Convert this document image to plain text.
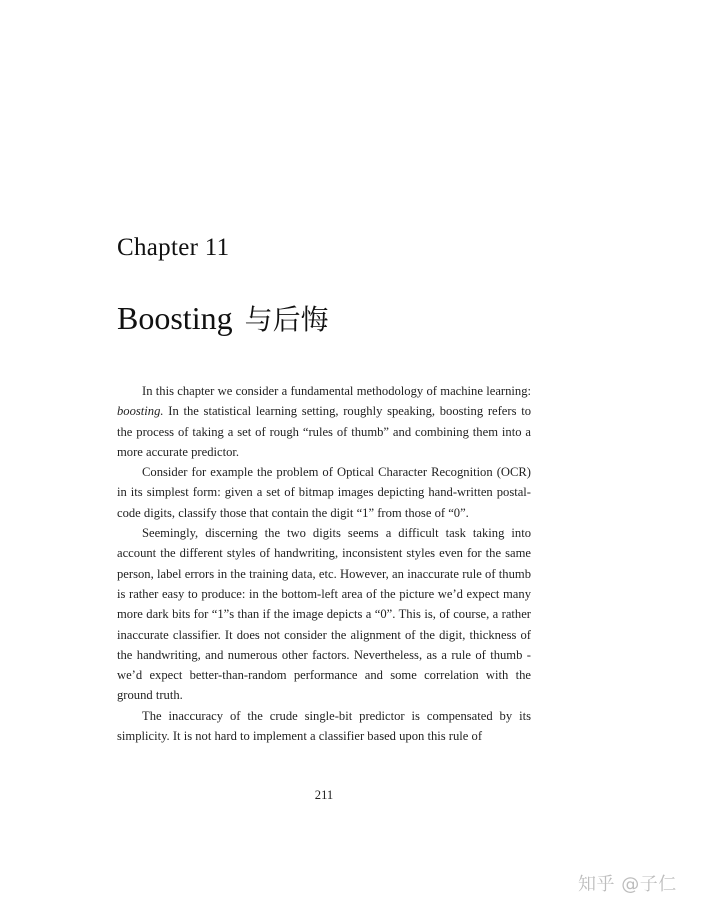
Chapter 11
Boosting 与后悔

In this chapter we consider a fundamental methodology of machine learning: boosting. In the statistical learning setting, roughly speaking, boosting refers to the process of taking a set of rough “rules of thumb” and combining them into a more accurate predictor.

Consider for example the problem of Optical Character Recognition (OCR) in its simplest form: given a set of bitmap images depicting hand-written postal-code digits, classify those that contain the digit “1” from those of “0”.

Seemingly, discerning the two digits seems a difficult task taking into account the different styles of handwriting, inconsistent styles even for the same person, label errors in the training data, etc. However, an inaccurate rule of thumb is rather easy to produce: in the bottom-left area of the picture we’d expect many more dark bits for “1”s than if the image depicts a “0”. This is, of course, a rather inaccurate classifier. It does not consider the alignment of the digit, thickness of the handwriting, and numerous other factors. Nevertheless, as a rule of thumb - we’d expect better-than-random performance and some correlation with the ground truth.

The inaccuracy of the crude single-bit predictor is compensated by its simplicity. It is not hard to implement a classifier based upon this rule of

211
知乎 @子仁
